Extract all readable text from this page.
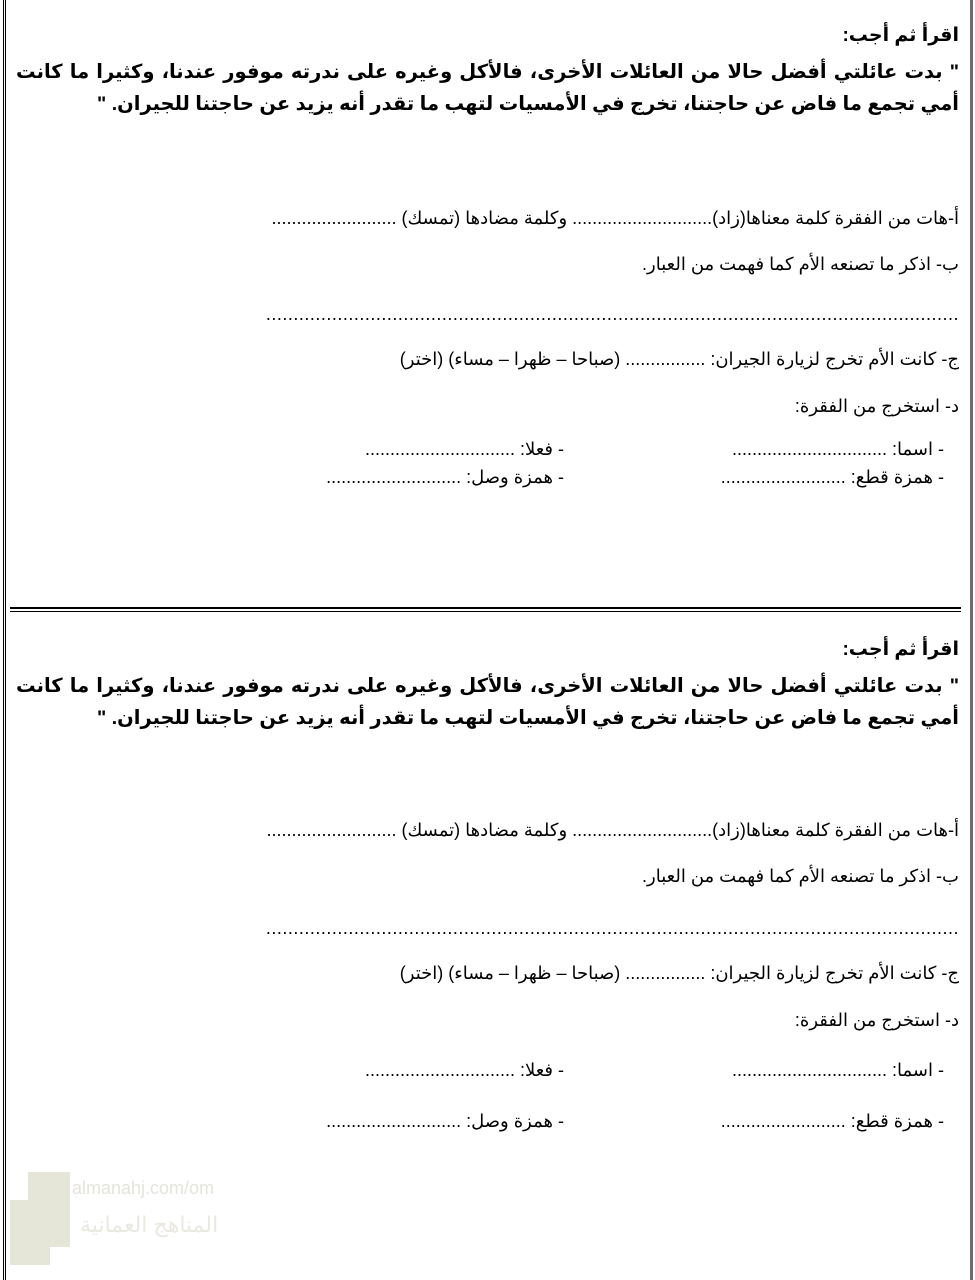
اقرأ ثم أجب:
" بدت عائلتي أفضل حالا من العائلات الأخرى، فالأكل وغيره على ندرته موفور عندنا، وكثيرا ما كانت أمي تجمع ما فاض عن حاجتنا، تخرج في الأمسيات لتهب ما تقدر أنه يزيد عن حاجتنا للجيران. "
أ-هات من الفقرة كلمة معناها(زاد)............................ وكلمة مضادها (تمسك) .........................
ب- اذكر ما تصنعه الأم كما فهمت من العبار.
..............................................................................................................................
ج- كانت الأم تخرج لزيارة الجيران: ................ (صباحا – ظهرا – مساء) (اختر)
د- استخرج من الفقرة:
- اسما: ...............................
- فعلا: ..............................
- همزة قطع: .........................
- همزة وصل: ...........................
اقرأ ثم أجب:
" بدت عائلتي أفضل حالا من العائلات الأخرى، فالأكل وغيره على ندرته موفور عندنا، وكثيرا ما كانت أمي تجمع ما فاض عن حاجتنا، تخرج في الأمسيات لتهب ما تقدر أنه يزيد عن حاجتنا للجيران. "
أ-هات من الفقرة كلمة معناها(زاد)............................ وكلمة مضادها (تمسك) ..........................
ب- اذكر ما تصنعه الأم كما فهمت من العبار.
..............................................................................................................................
ج- كانت الأم تخرج لزيارة الجيران: ................ (صباحا – ظهرا – مساء) (اختر)
د- استخرج من الفقرة:
- اسما: ...............................
- فعلا: ..............................
- همزة قطع: .........................
- همزة وصل: ...........................
almanahj.com/om
المناهج العمانية
